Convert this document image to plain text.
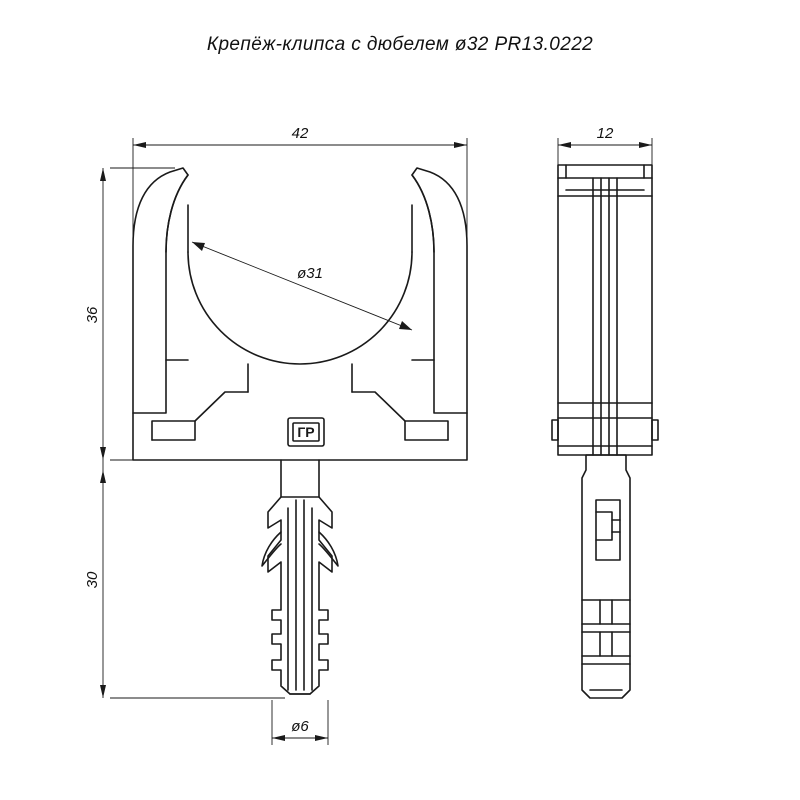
Крепёж-клипса с дюбелем ø32 PR13.0222
42	12
ø31
36
30
ø6
ГР
